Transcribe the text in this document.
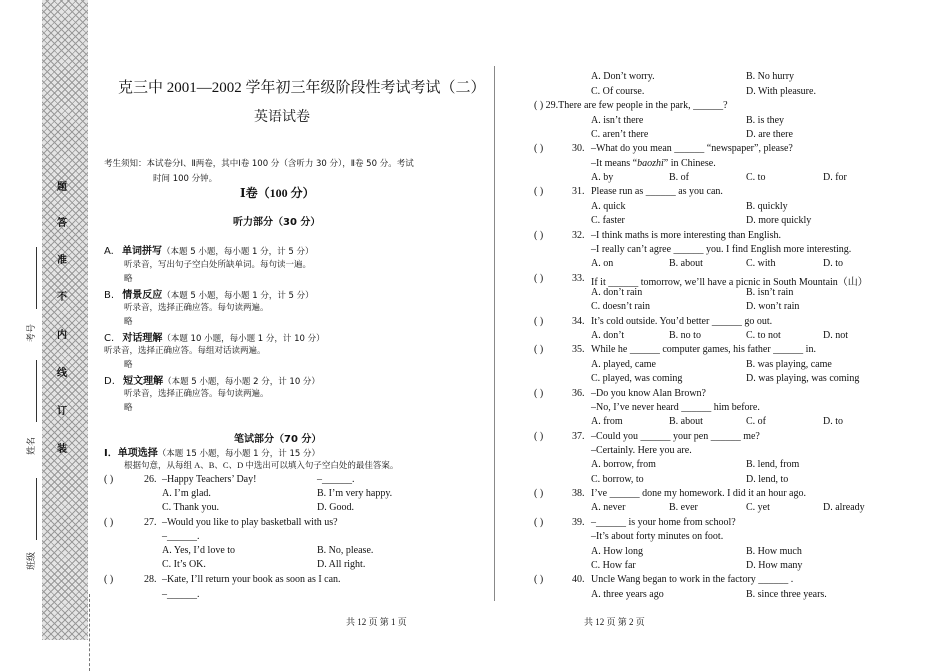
题
答
准
不
内
线
订
装
考号
姓名
班级
克三中 2001—2002 学年初三年级阶段性考试考试（二）
英语试卷
考生须知：本试卷分Ⅰ、Ⅱ两卷，其中Ⅰ卷 100 分（含听力 30 分），Ⅱ卷 50 分。考试
时间 100 分钟。
Ⅰ卷（100 分）
听力部分（30 分）
A. 单词拼写（本题 5 小题，每小题 1 分，计 5 分）
听录音，写出句子空白处所缺单词。每句读一遍。
略
B. 情景反应（本题 5 小题，每小题 1 分，计 5 分）
听录音，选择正确应答。每句读两遍。
略
C. 对话理解（本题 10 小题，每小题 1 分，计 10 分）
听录音，选择正确应答。每组对话读两遍。
略
D. 短文理解（本题 5 小题，每小题 2 分，计 10 分）
听录音，选择正确应答。每句读两遍。
略
笔试部分（70 分）
Ⅰ．单项选择（本题 15 小题，每小题 1 分，计 15 分）
根据句意，从每组 A、B、C、D 中选出可以填入句子空白处的最佳答案。
( )	26. –Happy Teachers’ Day!	–______.
A. I’m glad.	B. I’m very happy.
C. Thank you.	D. Good.
( )	27. –Would you like to play basketball with us?
–______.
A. Yes, I’d love to	B. No, please.
C. It’s OK.	D. All right.
( )	28. –Kate, I’ll return your book as soon as I can.
–______.
共 12 页 第 1 页
A. Don’t worry.	B. No hurry
C. Of course.	D. With pleasure.
( ) 29.There are few people in the park, ______?
A. isn’t there	B. is they
C. aren’t there	D. are there
( )	30. –What do you mean ______ “newspaper”, please?
–It means “baozhi” in Chinese.
A. by	B. of	C. to	D. for
( )	31. Please run as ______ as you can.
A. quick	B. quickly
C. faster	D. more quickly
( )	32. –I think maths is more interesting than English.
–I really can’t agree ______ you. I find English more interesting.
A. on	B. about	C. with	D. to
( )	33. If it ______ tomorrow, we’ll have a picnic in South Mountain（山）
A. don’t rain	B. isn’t rain
C. doesn’t rain	D. won’t rain
( )	34. It’s cold outside. You’d better ______ go out.
A. don’t	B. no to	C. to not	D. not
( )	35. While he ______ computer games, his father ______ in.
A. played, came	B. was playing, came
C. played, was coming	D. was playing, was coming
( )	36. –Do you know Alan Brown?
–No, I’ve never heard ______ him before.
A. from	B. about	C. of	D. to
( )	37. –Could you ______ your pen ______ me?
–Certainly. Here you are.
A. borrow, from	B. lend, from
C. borrow, to	D. lend, to
( )	38. I’ve ______ done my homework. I did it an hour ago.
A. never	B. ever	C. yet	D. already
( )	39. –______ is your home from school?
–It’s about forty minutes on foot.
A. How long	B. How much
C. How far	D. How many
( )	40. Uncle Wang began to work in the factory ______ .
A. three years ago	B. since three years.
共 12 页 第 2 页
